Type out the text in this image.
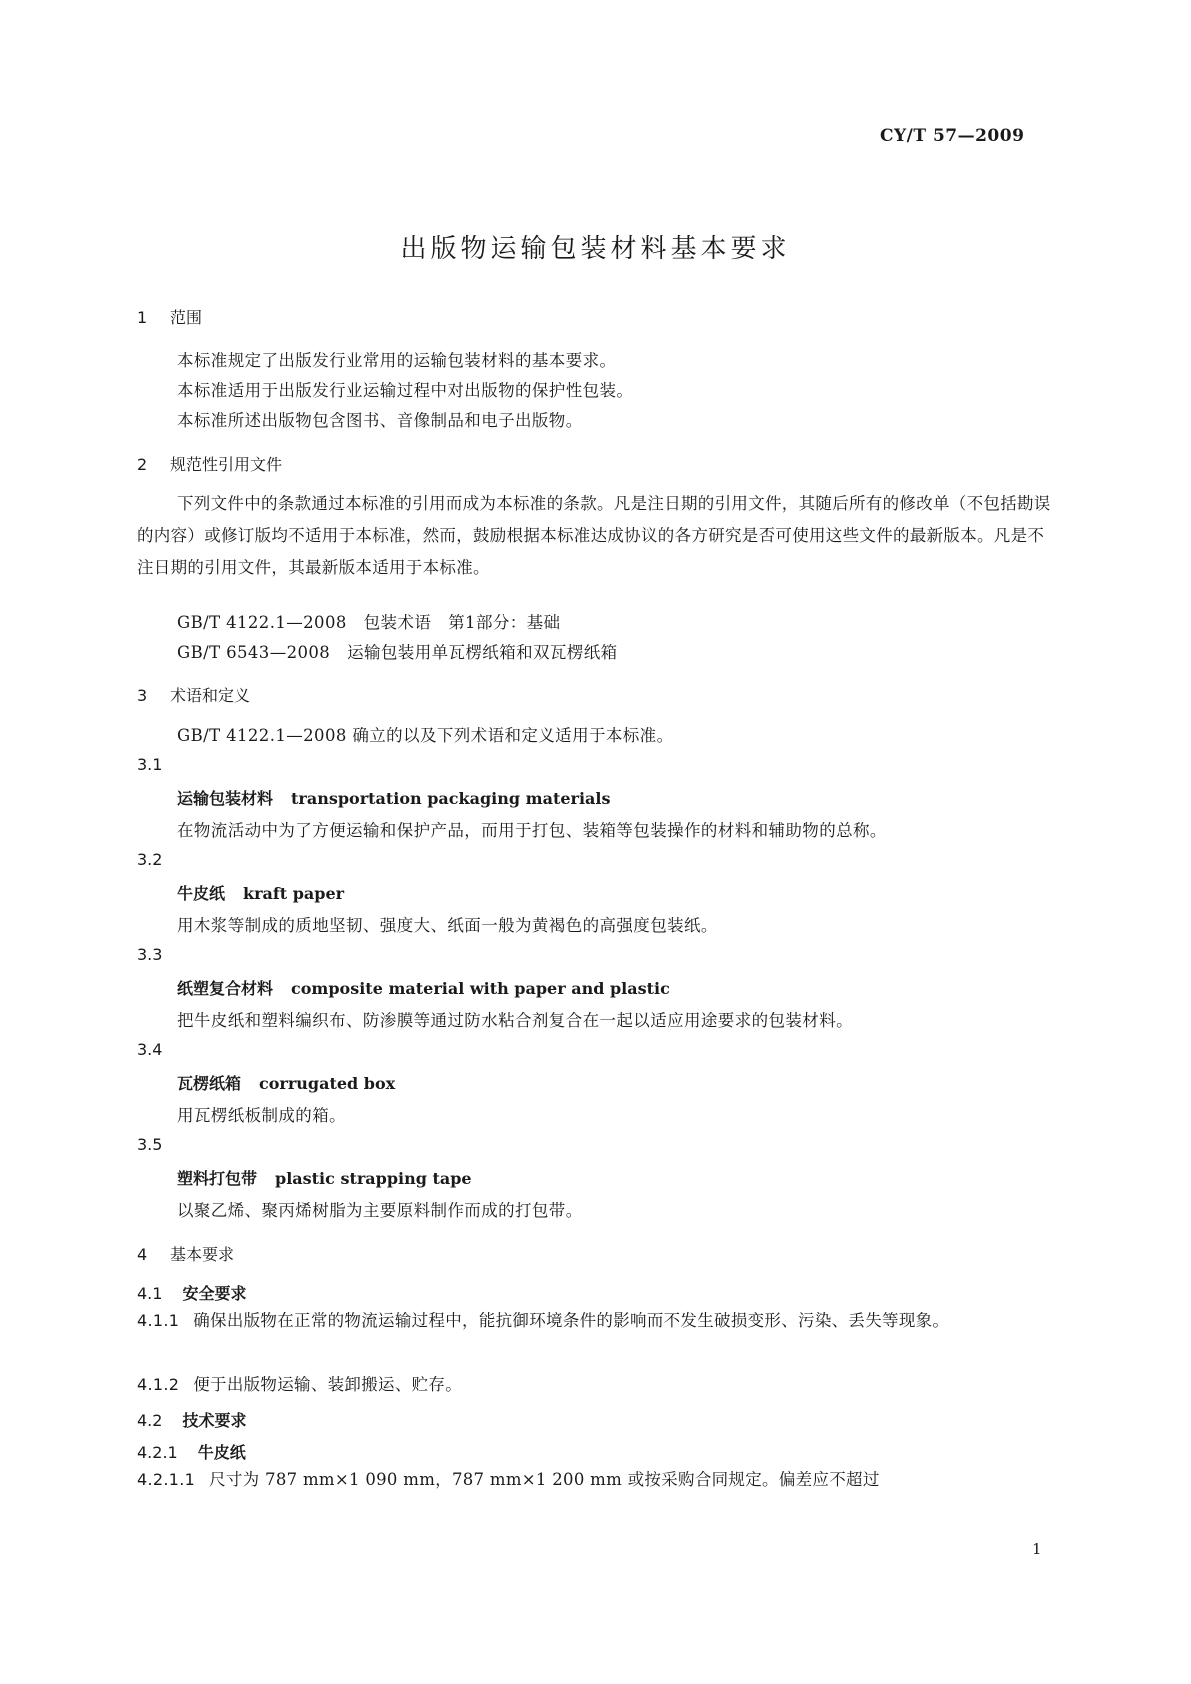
CY/T 57—2009
出版物运输包装材料基本要求
1 范围
本标准规定了出版发行业常用的运输包装材料的基本要求。
本标准适用于出版发行业运输过程中对出版物的保护性包装。
本标准所述出版物包含图书、音像制品和电子出版物。
2 规范性引用文件
下列文件中的条款通过本标准的引用而成为本标准的条款。凡是注日期的引用文件，其随后所有的修改单（不包括勘误的内容）或修订版均不适用于本标准，然而，鼓励根据本标准达成协议的各方研究是否可使用这些文件的最新版本。凡是不注日期的引用文件，其最新版本适用于本标准。
GB/T 4122.1—2008　包装术语　第1部分：基础
GB/T 6543—2008　运输包装用单瓦楞纸箱和双瓦楞纸箱
3 术语和定义
GB/T 4122.1—2008 确立的以及下列术语和定义适用于本标准。
3.1
运输包装材料 transportation packaging materials
在物流活动中为了方便运输和保护产品，而用于打包、装箱等包装操作的材料和辅助物的总称。
3.2
牛皮纸 kraft paper
用木浆等制成的质地坚韧、强度大、纸面一般为黄褐色的高强度包装纸。
3.3
纸塑复合材料 composite material with paper and plastic
把牛皮纸和塑料编织布、防渗膜等通过防水粘合剂复合在一起以适应用途要求的包装材料。
3.4
瓦楞纸箱 corrugated box
用瓦楞纸板制成的箱。
3.5
塑料打包带 plastic strapping tape
以聚乙烯、聚丙烯树脂为主要原料制作而成的打包带。
4 基本要求
4.1 安全要求
4.1.1 确保出版物在正常的物流运输过程中，能抗御环境条件的影响而不发生破损变形、污染、丢失等现象。
4.1.2 便于出版物运输、装卸搬运、贮存。
4.2 技术要求
4.2.1 牛皮纸
4.2.1.1 尺寸为 787 mm×1 090 mm，787 mm×1 200 mm 或按采购合同规定。偏差应不超过
1
